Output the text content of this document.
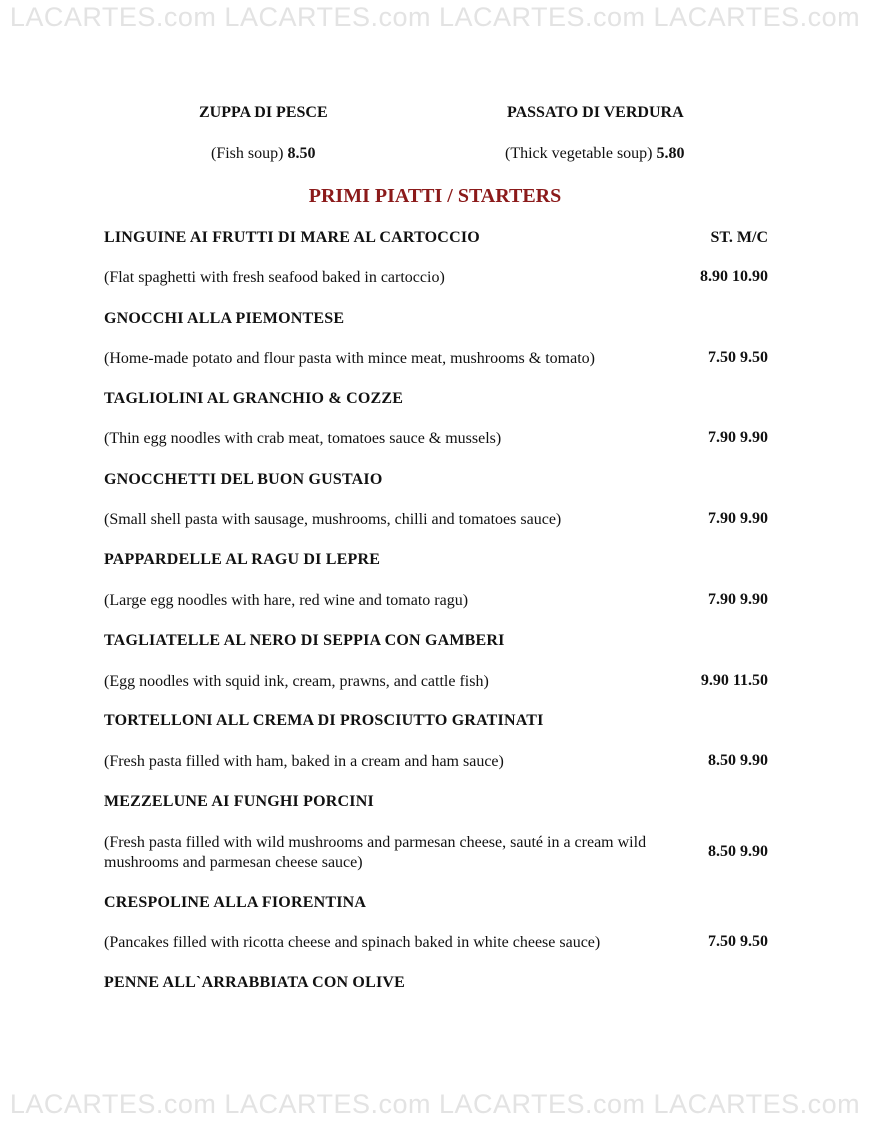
LACARTES.com LACARTES.com LACARTES.com LACARTES.com
ZUPPA DI PESCE
(Fish soup) 8.50
PASSATO DI VERDURA
(Thick vegetable soup) 5.80
PRIMI PIATTI / STARTERS
ST. M/C
LINGUINE AI FRUTTI DI MARE AL CARTOCCIO
(Flat spaghetti with fresh seafood baked in cartoccio)	8.90 10.90
GNOCCHI ALLA PIEMONTESE
(Home-made potato and flour pasta with mince meat, mushrooms & tomato)	7.50 9.50
TAGLIOLINI AL GRANCHIO & COZZE
(Thin egg noodles with crab meat, tomatoes sauce & mussels)	7.90 9.90
GNOCCHETTI DEL BUON GUSTAIO
(Small shell pasta with sausage, mushrooms, chilli and tomatoes sauce)	7.90 9.90
PAPPARDELLE AL RAGU DI LEPRE
(Large egg noodles with hare, red wine and tomato ragu)	7.90 9.90
TAGLIATELLE AL NERO DI SEPPIA CON GAMBERI
(Egg noodles with squid ink, cream, prawns, and cattle fish)	9.90 11.50
TORTELLONI ALL CREMA DI PROSCIUTTO GRATINATI
(Fresh pasta filled with ham, baked in a cream and ham sauce)	8.50 9.90
MEZZELUNE AI FUNGHI PORCINI
(Fresh pasta filled with wild mushrooms and parmesan cheese, sauté in a cream wild mushrooms and parmesan cheese sauce)
8.50 9.90
CRESPOLINE ALLA FIORENTINA
(Pancakes filled with ricotta cheese and spinach baked in white cheese sauce)	7.50 9.50
PENNE ALL`ARRABBIATA CON OLIVE
LACARTES.com LACARTES.com LACARTES.com LACARTES.com
